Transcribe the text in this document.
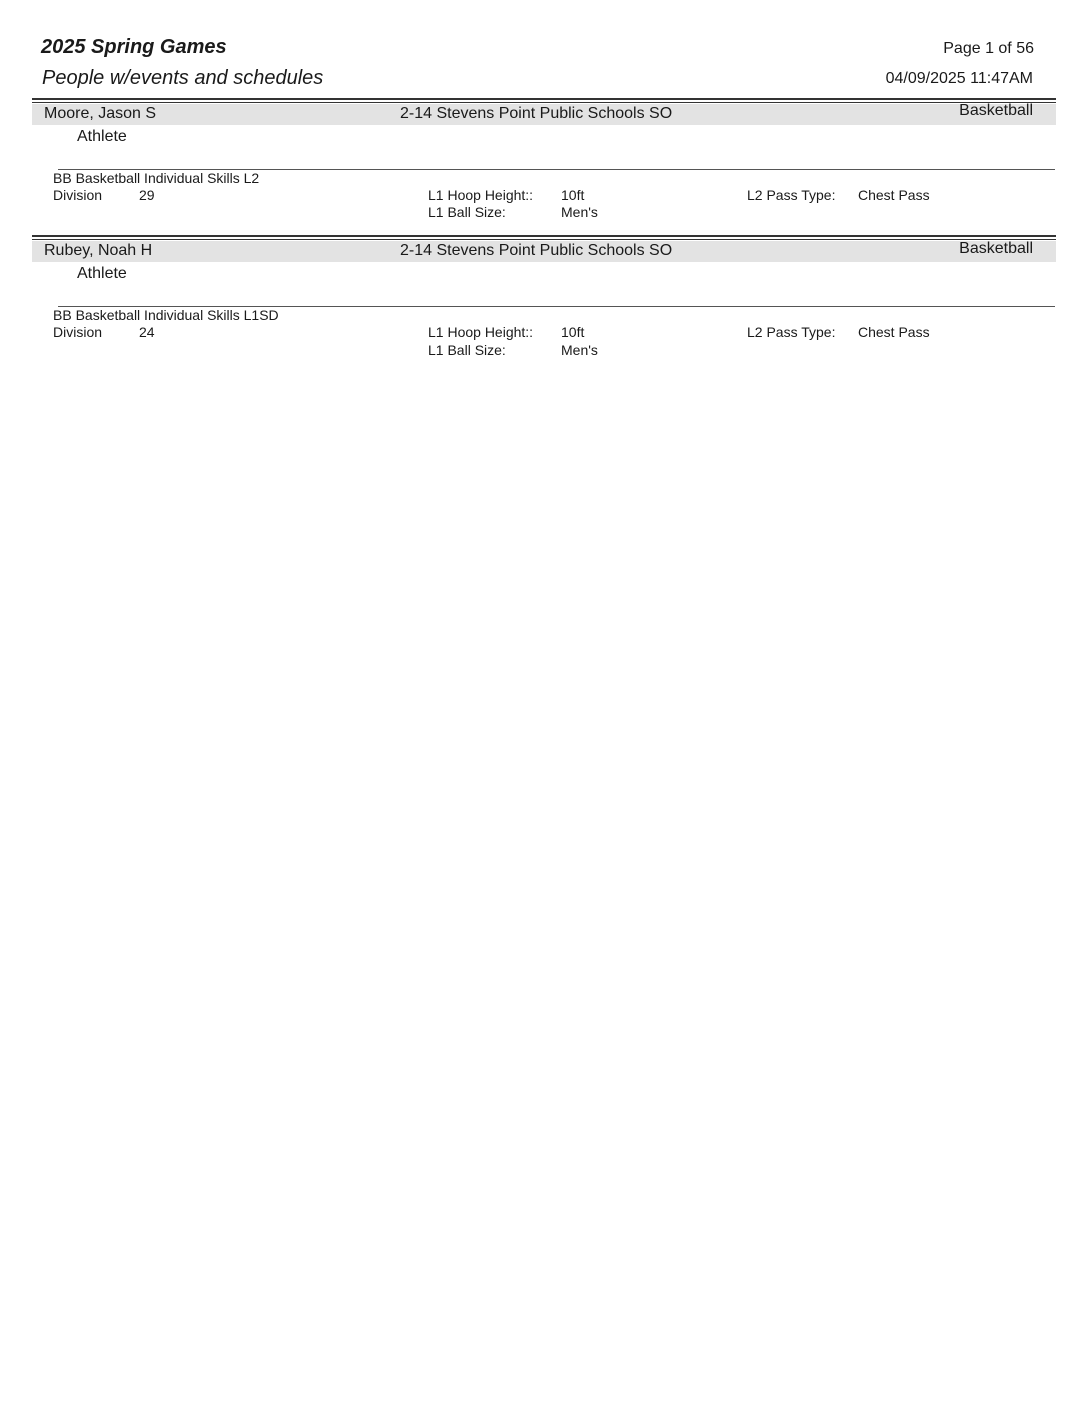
2025 Spring Games
People w/events and schedules
Page 1 of 56
04/09/2025 11:47AM
Moore, Jason S	2-14 Stevens Point Public Schools SO	Basketball
Athlete
BB Basketball Individual Skills L2
Division	29	L1 Hoop Height:: 10ft
L1 Ball Size:	Men's
L2 Pass Type: Chest Pass
Rubey, Noah H	2-14 Stevens Point Public Schools SO	Basketball
Athlete
BB Basketball Individual Skills L1SD
Division	24	L1 Hoop Height:: 10ft
L1 Ball Size:	Men's
L2 Pass Type: Chest Pass
